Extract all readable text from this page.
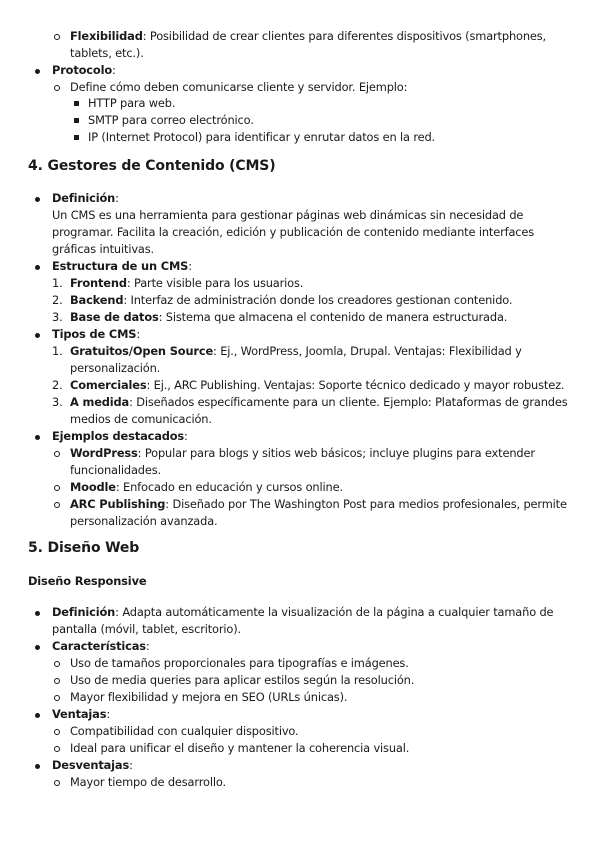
Flexibilidad: Posibilidad de crear clientes para diferentes dispositivos (smartphones,
tablets, etc.).
Protocolo:
Define cómo deben comunicarse cliente y servidor. Ejemplo:
HTTP para web.
SMTP para correo electrónico.
IP (Internet Protocol) para identificar y enrutar datos en la red.
4. Gestores de Contenido (CMS)
Definición:
Un CMS es una herramienta para gestionar páginas web dinámicas sin necesidad de
programar. Facilita la creación, edición y publicación de contenido mediante interfaces
gráficas intuitivas.
Estructura de un CMS:
1. Frontend: Parte visible para los usuarios.
2. Backend: Interfaz de administración donde los creadores gestionan contenido.
3. Base de datos: Sistema que almacena el contenido de manera estructurada.
Tipos de CMS:
1. Gratuitos/Open Source: Ej., WordPress, Joomla, Drupal. Ventajas: Flexibilidad y
personalización.
2. Comerciales: Ej., ARC Publishing. Ventajas: Soporte técnico dedicado y mayor robustez.
3. A medida: Diseñados específicamente para un cliente. Ejemplo: Plataformas de grandes
medios de comunicación.
Ejemplos destacados:
WordPress: Popular para blogs y sitios web básicos; incluye plugins para extender
funcionalidades.
Moodle: Enfocado en educación y cursos online.
ARC Publishing: Diseñado por The Washington Post para medios profesionales, permite
personalización avanzada.
5. Diseño Web
Diseño Responsive
Definición: Adapta automáticamente la visualización de la página a cualquier tamaño de
pantalla (móvil, tablet, escritorio).
Características:
Uso de tamaños proporcionales para tipografías e imágenes.
Uso de media queries para aplicar estilos según la resolución.
Mayor flexibilidad y mejora en SEO (URLs únicas).
Ventajas:
Compatibilidad con cualquier dispositivo.
Ideal para unificar el diseño y mantener la coherencia visual.
Desventajas:
Mayor tiempo de desarrollo.
